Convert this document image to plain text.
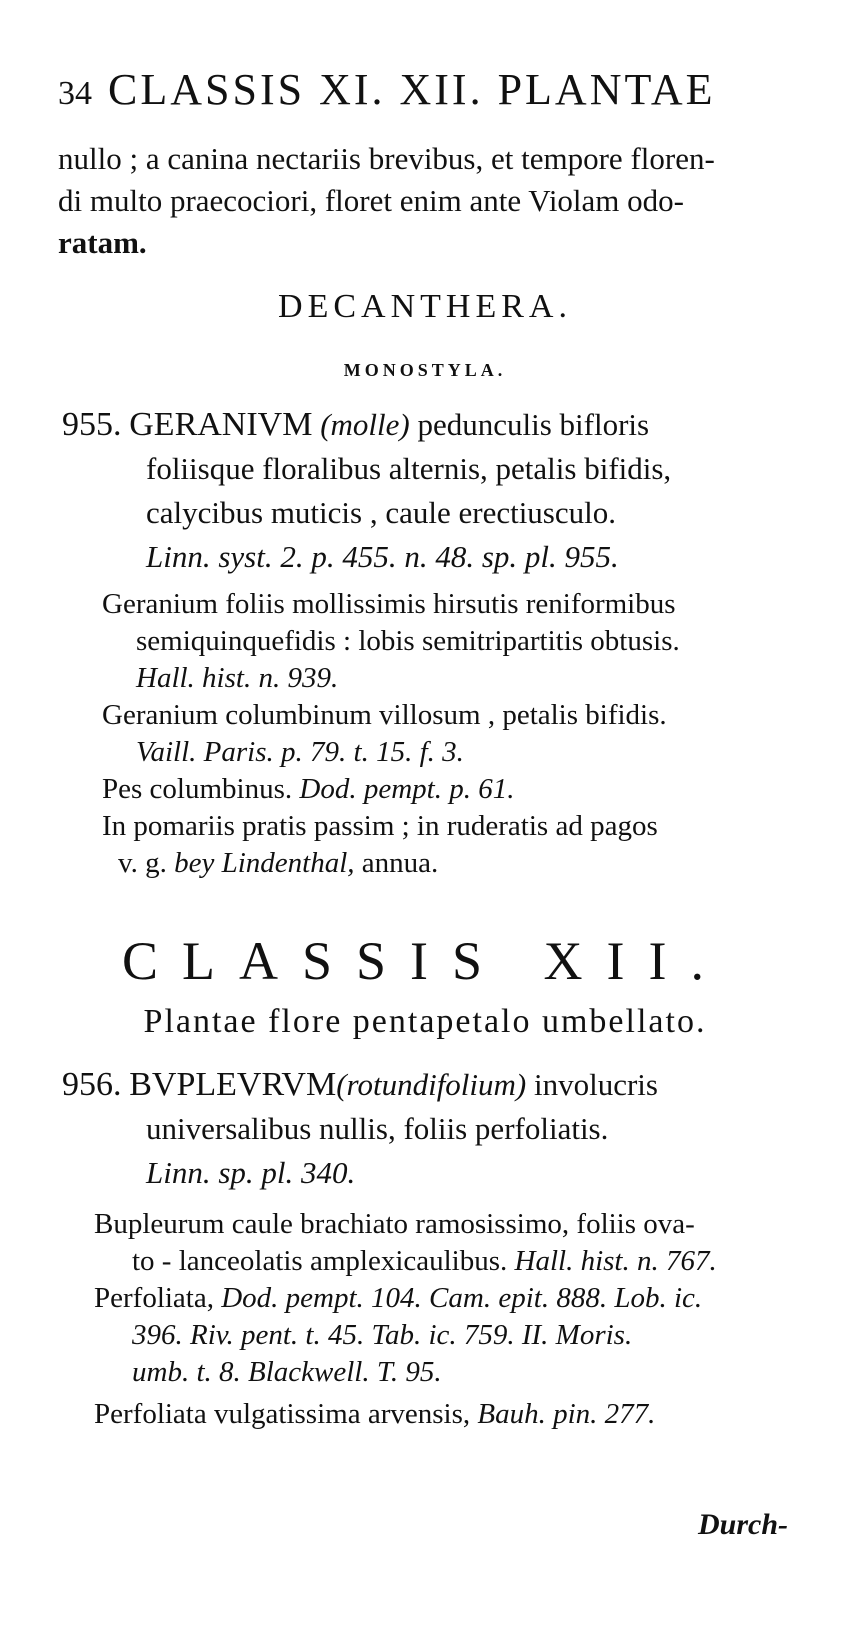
34 CLASSIS XI. XII. PLANTAE
nullo ; a canina nectariis brevibus, et tempore floren-
di multo praecociori, floret enim ante Violam odo-
ratam.
DECANTHERA.
MONOSTYLA.
955. GERANIVM (molle) pedunculis bifloris
foliisque floralibus alternis, petalis bifidis,
calycibus muticis , caule erectiusculo.
Linn. syst. 2. p. 455. n. 48. sp. pl. 955.
Geranium foliis mollissimis hirsutis reniformibus
semiquinquefidis : lobis semitripartitis obtusis.
Hall. hist. n. 939.
Geranium columbinum villosum , petalis bifidis.
Vaill. Paris. p. 79. t. 15. f. 3.
Pes columbinus. Dod. pempt. p. 61.
In pomariis pratis passim ; in ruderatis ad pagos
v. g. bey Lindenthal, annua.
CLASSIS XII.
Plantae flore pentapetalo umbellato.
956. BVPLEVRVM(rotundifolium) involucris
universalibus nullis, foliis perfoliatis.
Linn. sp. pl. 340.
Bupleurum caule brachiato ramosissimo, foliis ova-
to - lanceolatis amplexicaulibus. Hall. hist. n. 767.
Perfoliata, Dod. pempt. 104. Cam. epit. 888. Lob. ic.
396. Riv. pent. t. 45. Tab. ic. 759. II. Moris.
umb. t. 8. Blackwell. T. 95.
Perfoliata vulgatissima arvensis, Bauh. pin. 277.
Durch-
